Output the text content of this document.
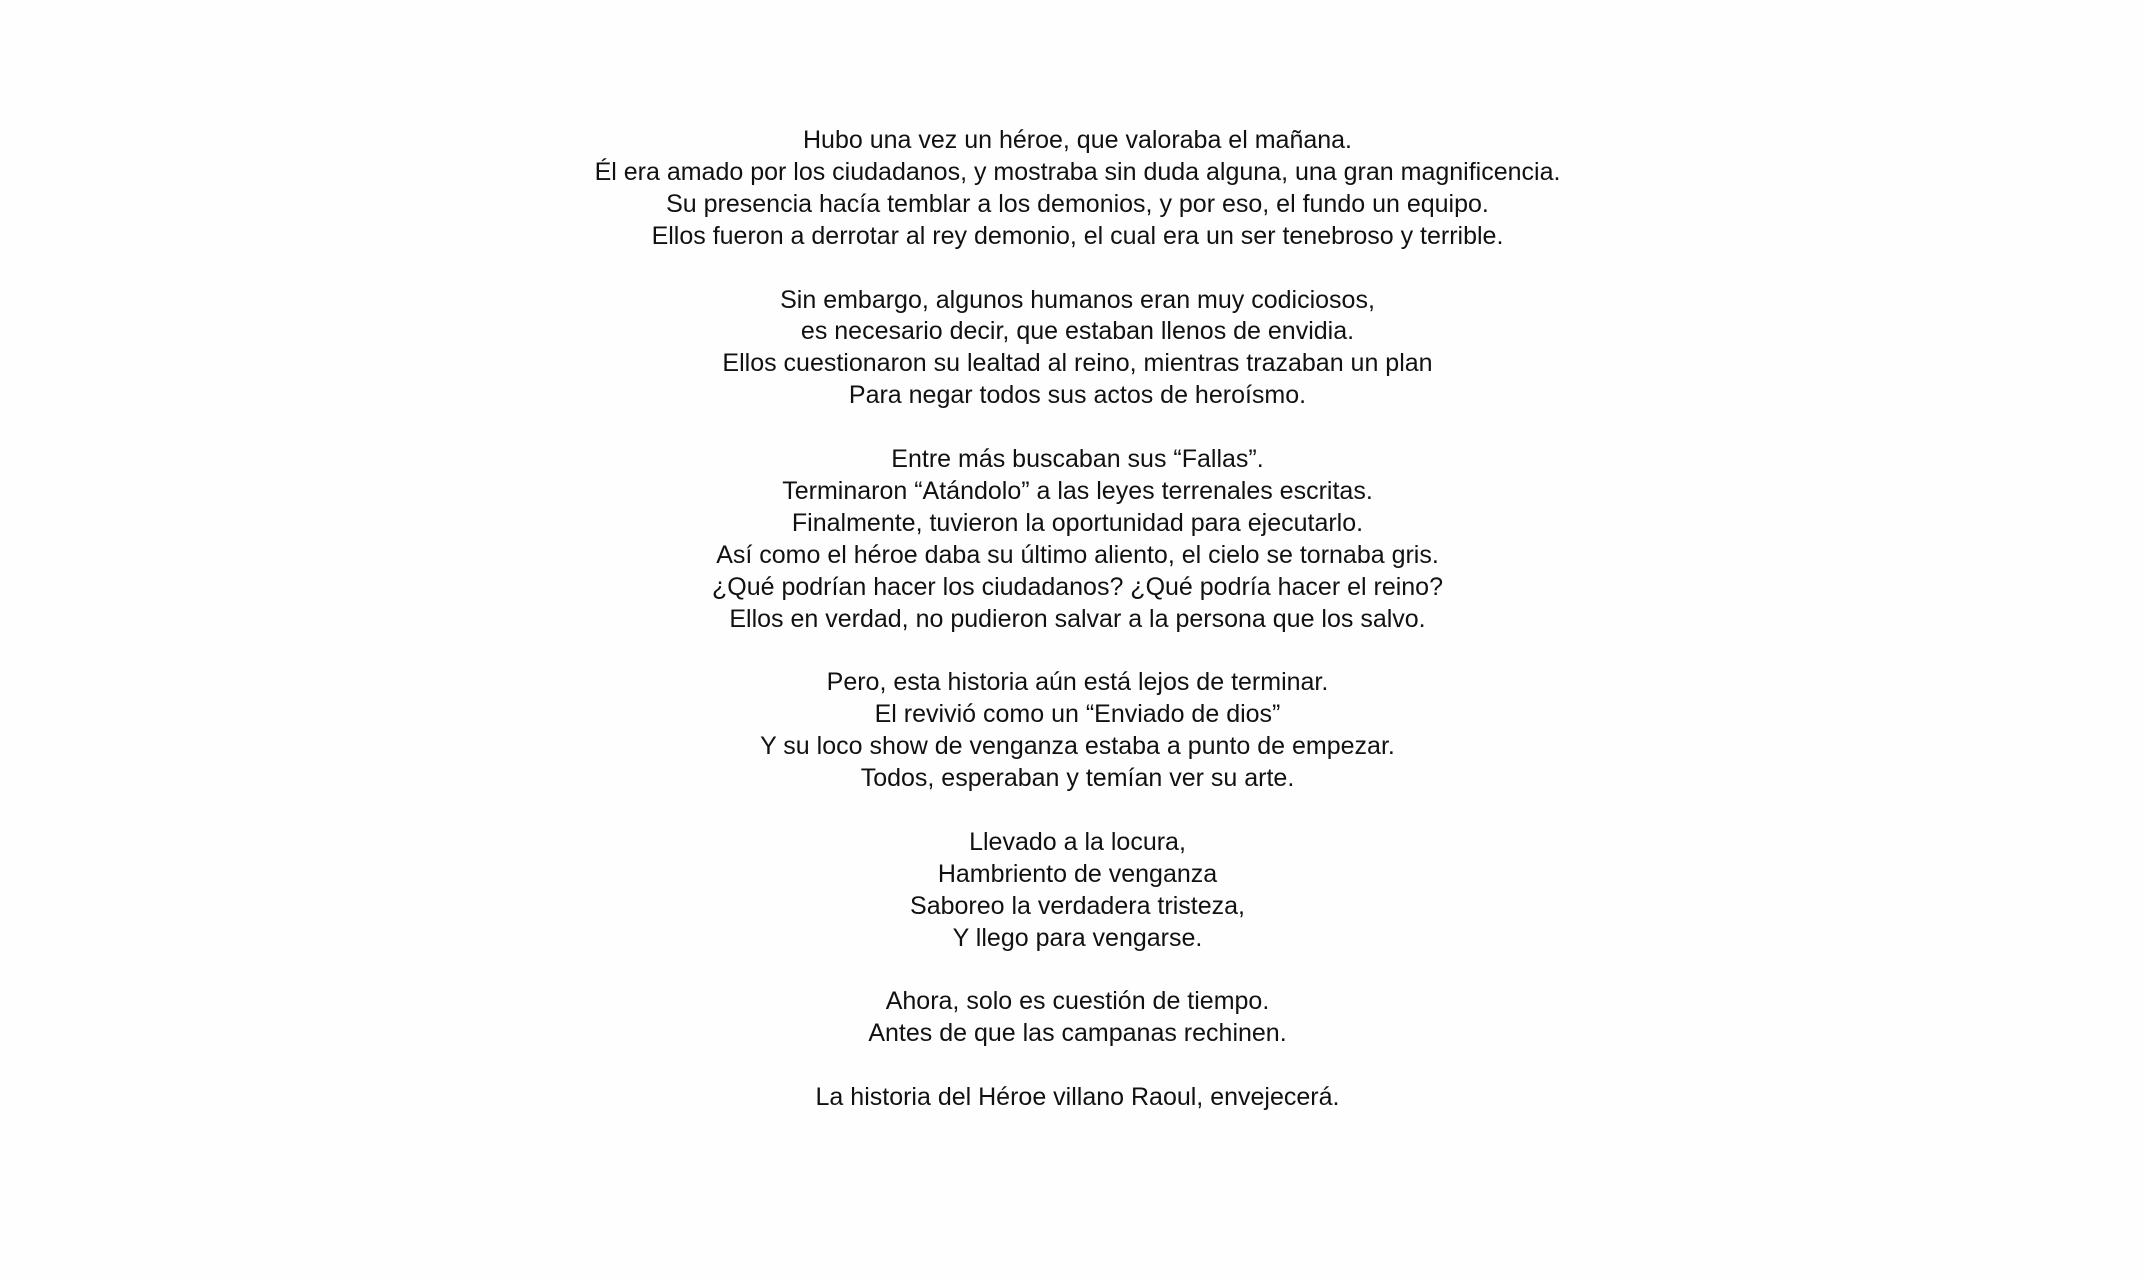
Hubo una vez un héroe, que valoraba el mañana.
Él era amado por los ciudadanos, y mostraba sin duda alguna, una gran magnificencia.
Su presencia hacía temblar a los demonios, y por eso, el fundo un equipo.
Ellos fueron a derrotar al rey demonio, el cual era un ser tenebroso y terrible.
Sin embargo, algunos humanos eran muy codiciosos,
es necesario decir, que estaban llenos de envidia.
Ellos cuestionaron su lealtad al reino, mientras trazaban un plan
Para negar todos sus actos de heroísmo.
Entre más buscaban sus “Fallas”.
Terminaron “Atándolo” a las leyes terrenales escritas.
Finalmente, tuvieron la oportunidad para ejecutarlo.
Así como el héroe daba su último aliento, el cielo se tornaba gris.
¿Qué podrían hacer los ciudadanos? ¿Qué podría hacer el reino?
Ellos en verdad, no pudieron salvar a la persona que los salvo.
Pero, esta historia aún está lejos de terminar.
El revivió como un “Enviado de dios”
Y su loco show de venganza estaba a punto de empezar.
Todos, esperaban y temían ver su arte.
Llevado a la locura,
Hambriento de venganza
Saboreo la verdadera tristeza,
Y llego para vengarse.
Ahora, solo es cuestión de tiempo.
Antes de que las campanas rechinen.
La historia del Héroe villano Raoul, envejecerá.
